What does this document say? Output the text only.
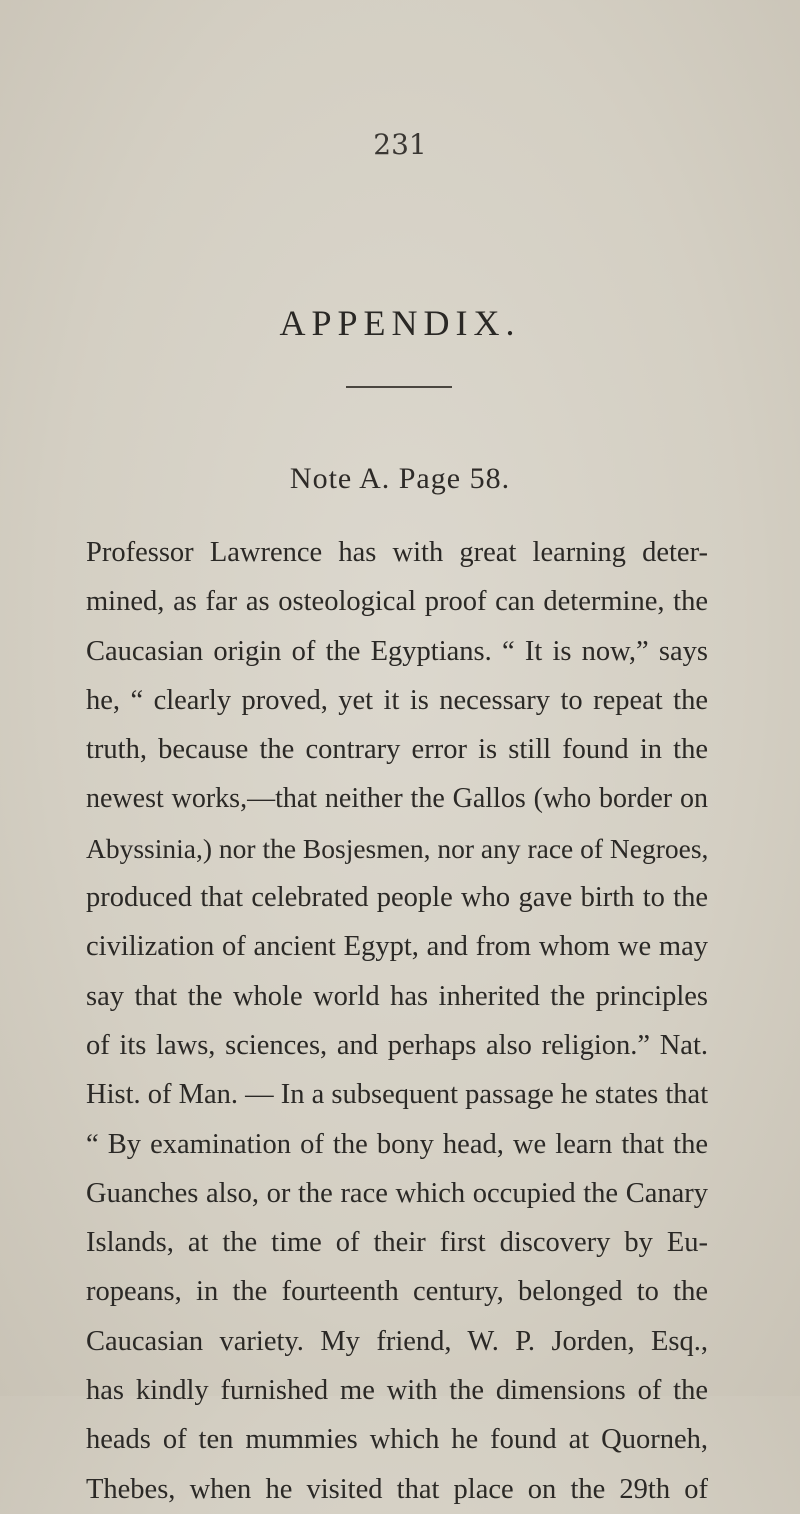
231
APPENDIX.
Note A. Page 58.
Professor Lawrence has with great learning deter-
mined, as far as osteological proof can determine, the
Caucasian origin of the Egyptians. “ It is now,” says
he, “ clearly proved, yet it is necessary to repeat the
truth, because the contrary error is still found in the
newest works,—that neither the Gallos (who border on
Abyssinia,) nor the Bosjesmen, nor any race of Negroes,
produced that celebrated people who gave birth to the
civilization of ancient Egypt, and from whom we may
say that the whole world has inherited the principles
of its laws, sciences, and perhaps also religion.” Nat.
Hist. of Man. — In a subsequent passage he states that
“ By examination of the bony head, we learn that the
Guanches also, or the race which occupied the Canary
Islands, at the time of their first discovery by Eu-
ropeans, in the fourteenth century, belonged to the
Caucasian variety. My friend, W. P. Jorden, Esq.,
has kindly furnished me with the dimensions of the
heads of ten mummies which he found at Quorneh,
Thebes, when he visited that place on the 29th of
